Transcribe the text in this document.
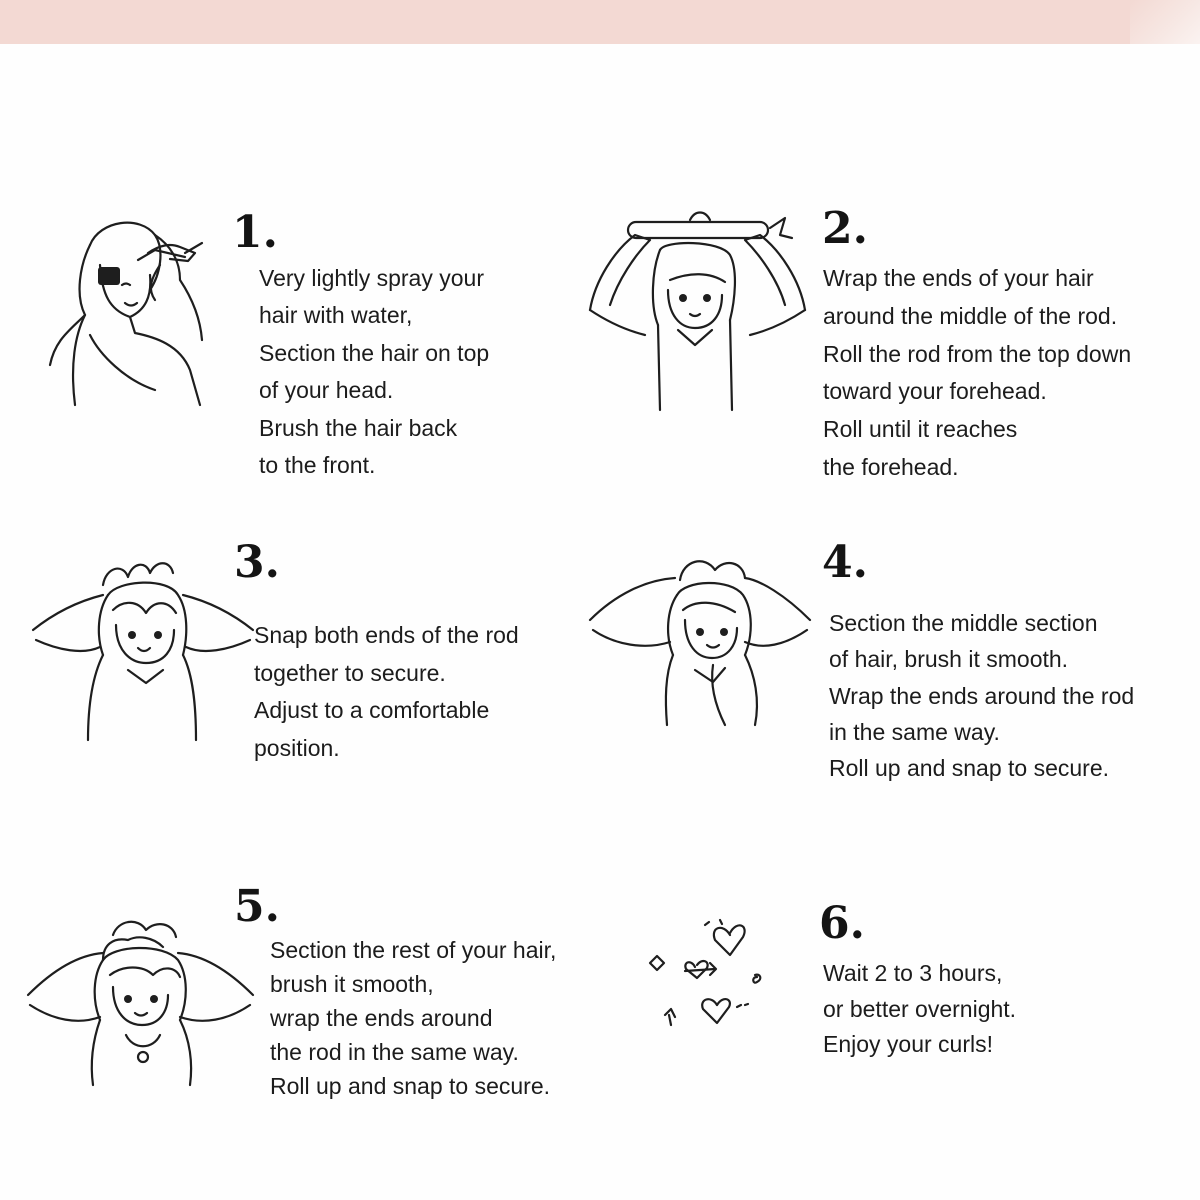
1.
Very lightly spray your
hair with water,
Section the hair on top
of your head.
Brush the hair back
to the front.
2.
Wrap the ends of your hair
around the middle of the rod.
Roll the rod from the top down
toward your forehead.
Roll until it reaches
the forehead.
3.
Snap both ends of the rod
together to secure.
Adjust to a comfortable
position.
4.
Section the middle section
of hair, brush it smooth.
Wrap the ends around the rod
in the same way.
Roll up and snap to secure.
5.
Section the rest of your hair,
brush it smooth,
wrap the ends around
the rod in the same way.
Roll up and snap to secure.
6.
Wait 2 to 3 hours,
or better overnight.
Enjoy your curls!
